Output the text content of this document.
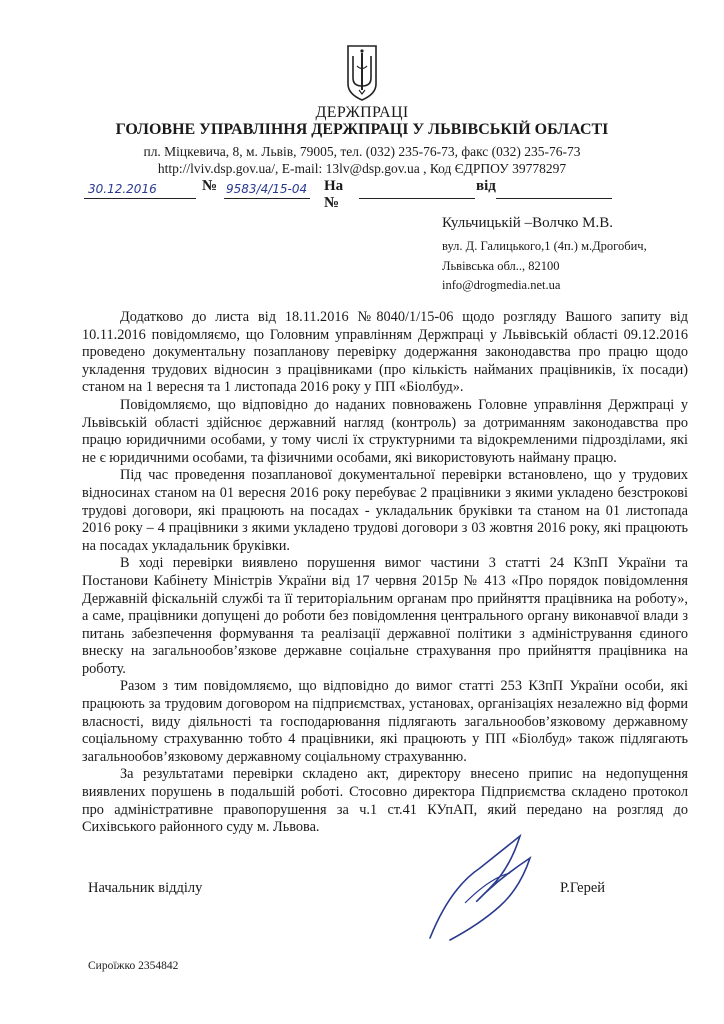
ДЕРЖПРАЦІ
ГОЛОВНЕ УПРАВЛІННЯ ДЕРЖПРАЦІ У ЛЬВІВСЬКІЙ ОБЛАСТІ
пл. Міцкевича, 8, м. Львів, 79005, тел. (032) 235-76-73, факс (032) 235-76-73
http://lviv.dsp.gov.ua/, E-mail: 13lv@dsp.gov.ua , Код ЄДРПОУ 39778297
30.12.2016	№ 9583/4/15-04 На №
від
Кульчицькій –Волчко М.В.
вул. Д. Галицького,1 (4п.) м.Дрогобич,
Львівська обл.., 82100
info@drogmedia.net.ua

Додатково до листа від 18.11.2016 №8040/1/15-06 щодо розгляду Вашого запиту від 10.11.2016 повідомляємо, що Головним управлінням Держпраці у Львівській області 09.12.2016 проведено документальну позапланову перевірку додержання законодавства про працю щодо укладення трудових відносин з працівниками (про кількість найманих працівників, їх посади) станом на 1 вересня та 1 листопада 2016 року у ПП «Біолбуд».

Повідомляємо, що відповідно до наданих повноважень Головне управління Держпраці у Львівській області здійснює державний нагляд (контроль) за дотриманням законодавства про працю юридичними особами, у тому числі їх структурними та відокремленими підрозділами, які не є юридичними особами, та фізичними особами, які використовують найману працю.

Під час проведення позапланової документальної перевірки встановлено, що у трудових відносинах станом на 01 вересня 2016 року перебуває 2 працівники з якими укладено безстрокові трудові договори, які працюють на посадах - укладальник бруківки та станом на 01 листопада 2016 року – 4 працівники з якими укладено трудові договори з 03 жовтня 2016 року, які працюють на посадах укладальник бруківки.

В ході перевірки виявлено порушення вимог частини 3 статті 24 КЗпП України та Постанови Кабінету Міністрів України від 17 червня 2015р № 413 «Про порядок повідомлення Державній фіскальній службі та її територіальним органам про прийняття працівника на роботу», а саме, працівники допущені до роботи без повідомлення центрального органу виконавчої влади з питань забезпечення формування та реалізації державної політики з адміністрування єдиного внеску на загальнообов’язкове державне соціальне страхування про прийняття працівника на роботу.

Разом з тим повідомляємо, що відповідно до вимог статті 253 КЗпП України особи, які працюють за трудовим договором на підприємствах, установах, організаціях незалежно від форми власності, виду діяльності та господарювання підлягають загальнообов’язковому державному соціальному страхуванню тобто 4 працівники, які працюють у ПП «Біолбуд» також підлягають загальнообов’язковому державному соціальному страхуванню.

За результатами перевірки складено акт, директору внесено припис на недопущення виявлених порушень в подальшій роботі. Стосовно директора Підприємства складено протокол про адміністративне правопорушення за ч.1 ст.41 КУпАП, який передано на розгляд до Сихівського районного суду м. Львова.

Начальник відділу	Р.Герей
Сироїжко 2354842
